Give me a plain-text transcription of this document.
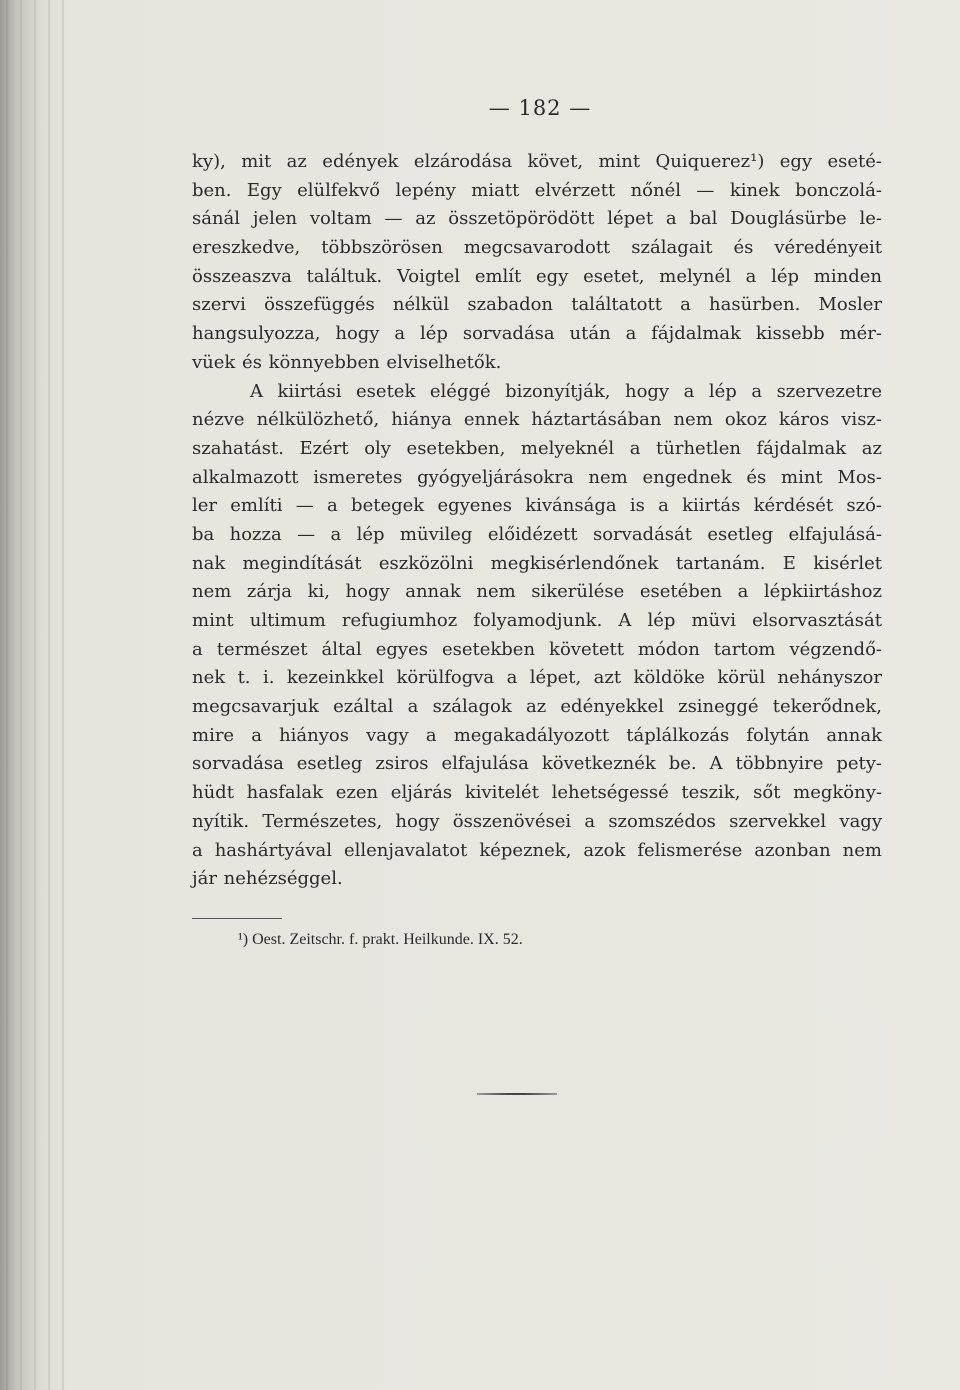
— 182 —
ky), mit az edények elzárodása követ, mint Quiquerez¹) egy eseté-
ben. Egy elülfekvő lepény miatt elvérzett nőnél — kinek bonczolá-
sánál jelen voltam — az összetöpörödött lépet a bal Douglásürbe le-
ereszkedve, többszörösen megcsavarodott szálagait és véredényeit
összeaszva találtuk. Voigtel említ egy esetet, melynél a lép minden
szervi összefüggés nélkül szabadon találtatott a hasürben. Mosler
hangsulyozza, hogy a lép sorvadása után a fájdalmak kissebb mér-
vüek és könnyebben elviselhetők.
A kiirtási esetek eléggé bizonyítják, hogy a lép a szervezetre
nézve nélkülözhető, hiánya ennek háztartásában nem okoz káros visz-
szahatást. Ezért oly esetekben, melyeknél a türhetlen fájdalmak az
alkalmazott ismeretes gyógyeljárásokra nem engednek és mint Mos-
ler említi — a betegek egyenes kivánsága is a kiirtás kérdését szó-
ba hozza — a lép müvileg előidézett sorvadását esetleg elfajulásá-
nak megindítását eszközölni megkisérlendőnek tartanám. E kisérlet
nem zárja ki, hogy annak nem sikerülése esetében a lépkiirtáshoz
mint ultimum refugiumhoz folyamodjunk. A lép müvi elsorvasztását
a természet által egyes esetekben követett módon tartom végzendő-
nek t. i. kezeinkkel körülfogva a lépet, azt köldöke körül nehányszor
megcsavarjuk ezáltal a szálagok az edényekkel zsineggé tekerődnek,
mire a hiányos vagy a megakadályozott táplálkozás folytán annak
sorvadása esetleg zsiros elfajulása következnék be. A többnyire pety-
hüdt hasfalak ezen eljárás kivitelét lehetségessé teszik, sőt megköny-
nyítik. Természetes, hogy összenövései a szomszédos szervekkel vagy
a hashártyával ellenjavalatot képeznek, azok felismerése azonban nem
jár nehézséggel.
¹) Oest. Zeitschr. f. prakt. Heilkunde. IX. 52.
